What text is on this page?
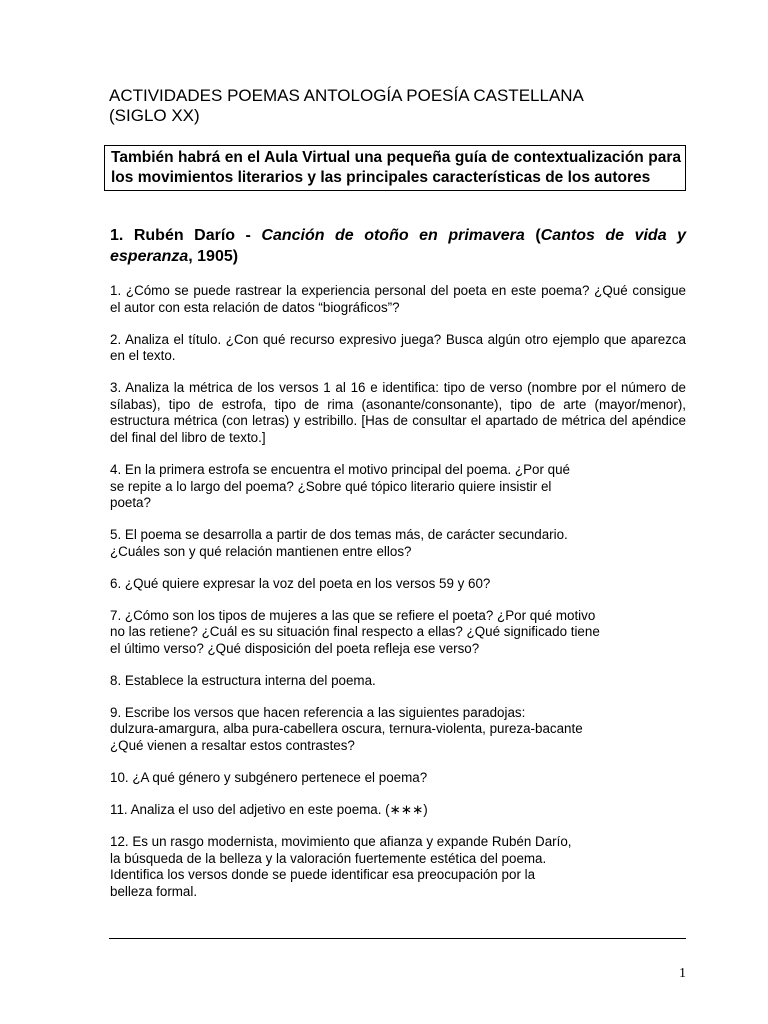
ACTIVIDADES POEMAS ANTOLOGÍA POESÍA CASTELLANA
(SIGLO XX)
También habrá en el Aula Virtual una pequeña guía de contextualización para los movimientos literarios y las principales características de los autores
1. Rubén Darío - Canción de otoño en primavera (Cantos de vida y esperanza, 1905)

1. ¿Cómo se puede rastrear la experiencia personal del poeta en este poema? ¿Qué consigue el autor con esta relación de datos “biográficos”?

2. Analiza el título. ¿Con qué recurso expresivo juega? Busca algún otro ejemplo que aparezca en el texto.

3. Analiza la métrica de los versos 1 al 16 e identifica: tipo de verso (nombre por el número de sílabas), tipo de estrofa, tipo de rima (asonante/consonante), tipo de arte (mayor/menor), estructura métrica (con letras) y estribillo. [Has de consultar el apartado de métrica del apéndice del final del libro de texto.]

4. En la primera estrofa se encuentra el motivo principal del poema. ¿Por qué
se repite a lo largo del poema? ¿Sobre qué tópico literario quiere insistir el
poeta?

5. El poema se desarrolla a partir de dos temas más, de carácter secundario.
¿Cuáles son y qué relación mantienen entre ellos?

6. ¿Qué quiere expresar la voz del poeta en los versos 59 y 60?

7. ¿Cómo son los tipos de mujeres a las que se refiere el poeta? ¿Por qué motivo
no las retiene? ¿Cuál es su situación final respecto a ellas? ¿Qué significado tiene
el último verso? ¿Qué disposición del poeta refleja ese verso?

8. Establece la estructura interna del poema.

9. Escribe los versos que hacen referencia a las siguientes paradojas:
dulzura-amargura, alba pura-cabellera oscura, ternura-violenta, pureza-bacante
¿Qué vienen a resaltar estos contrastes?

10. ¿A qué género y subgénero pertenece el poema?

11. Analiza el uso del adjetivo en este poema. (∗∗∗)

12. Es un rasgo modernista, movimiento que afianza y expande Rubén Darío,
la búsqueda de la belleza y la valoración fuertemente estética del poema.
Identifica los versos donde se puede identificar esa preocupación por la
belleza formal.

1
